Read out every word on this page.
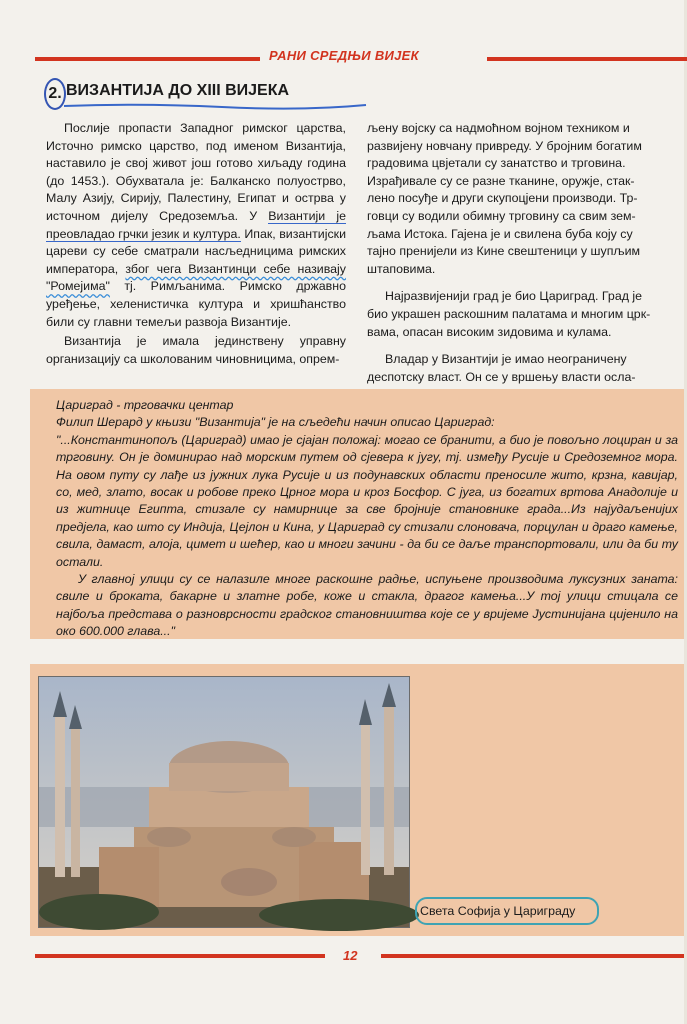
РАНИ СРЕДЊИ ВИЈЕК
2. ВИЗАНТИЈА ДО XIII ВИЈЕКА

Послије пропасти Западног римског царства, Источно римско царство, под именом Византија, наставило је свој живот још готово хиљаду година (до 1453.). Обухватала је: Балканско полуострво, Малу Азију, Сирију, Палестину, Египат и острва у источном дијелу Средоземља. У Византији је преовладао грчки језик и култура. Ипак, византијски цареви су себе сматрали насљедницима римских императора, због чега Византинци себе називају "Ромејима" тј. Римљанима. Римско државно уређење, хеленистичка култура и хришћанство били су главни темељи развоја Византије.

Византија је имала јединствену управну организацију са школованим чиновницима, опрем-

љену војску са надмоћном војном техником и

развијену новчану привреду. У бројним богатим

градовима цвјетали су занатство и трговина.

Израђивале су се разне тканине, оружје, стак-

лено посуђе и други скупоцјени производи. Тр-

говци су водили обимну трговину са свим зем-

љама Истока. Гајена је и свилена буба коју су

тајно пренијели из Кине свештеници у шупљим

штаповима.

Најразвијенији град је био Цариград. Град је

био украшен раскошним палатама и многим црк-

вама, опасан високим зидовима и кулама.

Владар у Византији је имао неограничену

деспотску власт. Он се у вршењу власти осла-

Цариград - трговачки центар

Филип Шерард у књизи "Византија" је на сљедећи начин описао Цариград:

"...Константинопољ (Цариград) имао је сјајан положај: могао се бранити, а био је повољно лоциран и за трговину. Он је доминирао над морским путем од сјевера к југу, тј. између Русије и Средоземног мора. На овом путу су лађе из јужних лука Русије и из подунавских области преносиле жито, крзна, кавијар, со, мед, злато, восак и робове преко Црног мора и кроз Босфор. С југа, из богатих вртова Анадолије и из житнице Египта, стизале су намирнице за све бројније становнике града...Из најудаљенијих предјела, као што су Индија, Цејлон и Кина, у Цариград су стизали слоновача, порцулан и драго камење, свила, дамаст, алоја, цимет и шећер, као и многи зачини - да би се даље транспортовали, или да би ту остали.

У главној улици су се налазиле многе раскошне радње, испуњене производима луксузних заната: свиле и броката, бакарне и златне робе, коже и стакла, драгог камења...У тој улици стицала се најбоља представа о разноврсности градског становништва које се у вријеме Јустинијана цијенило на око 600.000 глава..."

Света Софија у Цариграду
12
